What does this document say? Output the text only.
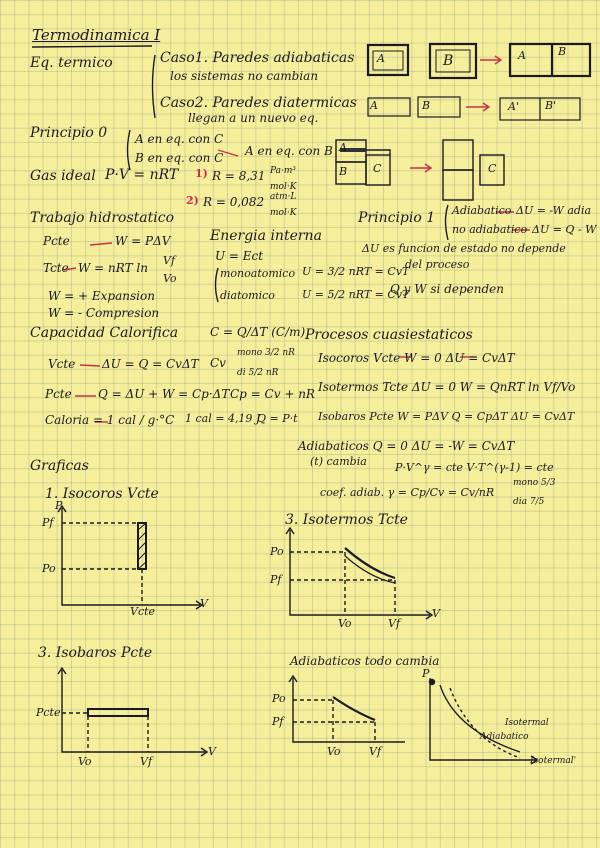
Termodinamica I
Eq. termico	Caso1. Paredes adiabaticas
los sistemas no cambian
Caso2. Paredes diatermicas
llegan a un nuevo eq.
A	B	A	B
A	B	A' B'
Principio 0 A en eq. con C
B en eq. con C A en eq. con B A
B C	C
Gas ideal P·V = nRT 1) R = 8,31 Pa·m³
mol·K
2) R = 0,082 atm·L
mol·K	Principio 1 Adiabatico ΔU = -W adia
no adiabatico ΔU = Q - W
ΔU es funcion de estado no depende
del proceso
Q y W si dependen
Trabajo hidrostatico
Pcte	W = PΔV
Tcte W = nRT ln
Vf
Vo
W = + Expansion
W = - Compresion
Energia interna
U = Ect
monoatomico U = 3/2 nRT = CvT
diatomico U = 5/2 nRT = CvT
Capacidad Calorifica	C = Q/ΔT (C/m)
Vcte ΔU = Q = CvΔT Cv
mono 3/2 nR
di 5/2 nR
Pcte Q = ΔU + W = Cp·ΔT Cp = Cv + nR
Caloria = 1 cal / g·°C 1 cal = 4,19 J
Q = P·t
Procesos cuasiestaticos
Isocoros Vcte W = 0 ΔU = CvΔT
Isotermos Tcte ΔU = 0 W = QnRT ln Vf/Vo
Isobaros Pcte W = PΔV Q = CpΔT ΔU = CvΔT
Adiabaticos Q = 0 ΔU = -W = CvΔT
(t) cambia	P·V^γ = cte V·T^(γ-1) = cte
coef. adiab. γ = Cp/Cv = Cv/nR
mono 5/3
dia 7/5
Graficas
1. Isocoros Vcte
P
Pf
Po
Vcte
V
3. Isotermos Tcte
Po
Pf
Vo	Vf
V
3. Isobaros Pcte
Pcte
Vo	Vf
V
Adiabaticos todo cambia
Po
Pf
Vo	Vf
P
Isotermal
Adiabatico
Isotermal'
